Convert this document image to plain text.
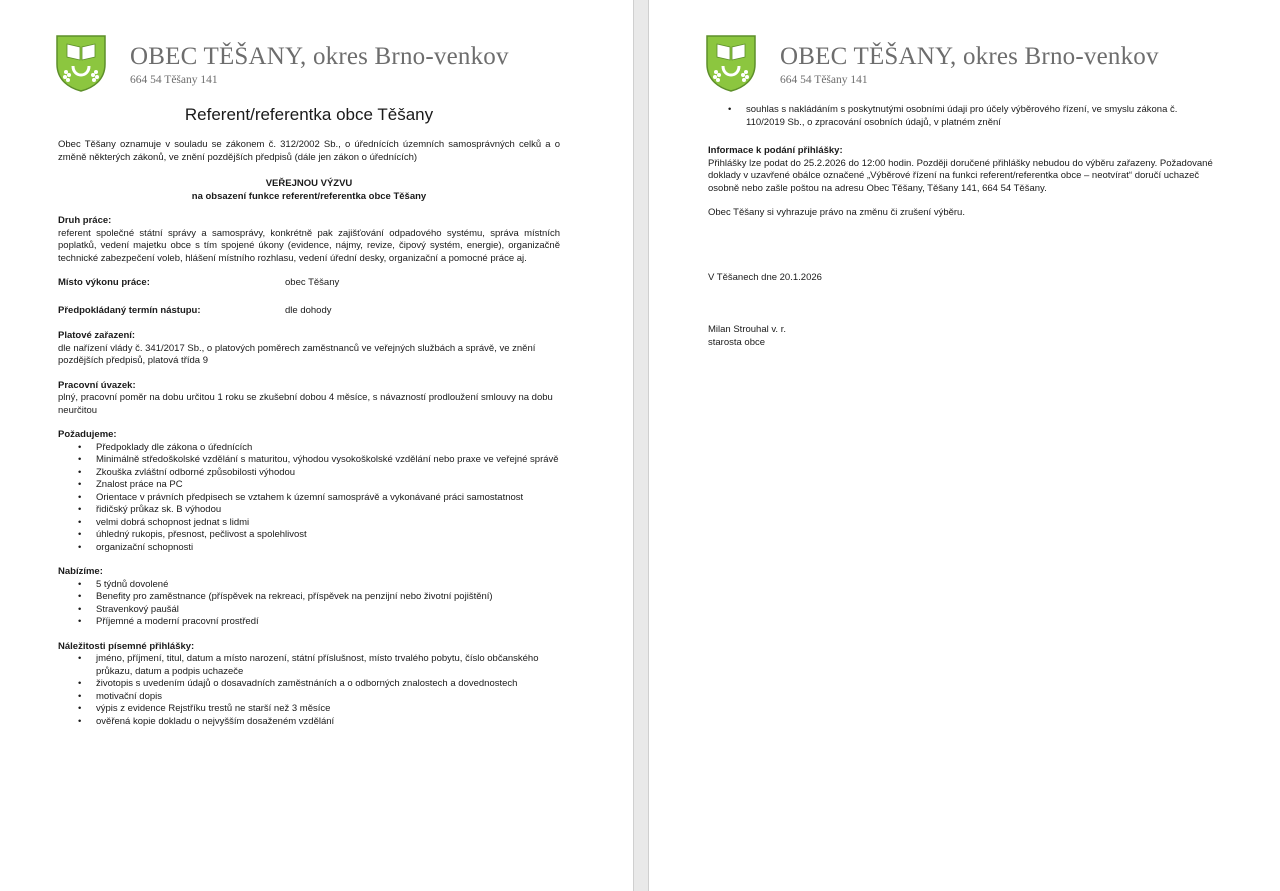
OBEC TĚŠANY, okres Brno-venkov
664 54 Těšany 141
Referent/referentka obce Těšany

Obec Těšany oznamuje v souladu se zákonem č. 312/2002 Sb., o úřednících územních samosprávných celků a o změně některých zákonů, ve znění pozdějších předpisů (dále jen zákon o úřednících)

VEŘEJNOU VÝZVU

na obsazení funkce referent/referentka obce Těšany

Druh práce:

referent společné státní správy a samosprávy, konkrétně pak zajišťování odpadového systému, správa místních poplatků, vedení majetku obce s tím spojené úkony (evidence, nájmy, revize, čipový systém, energie), organizačně technické zabezpečení voleb, hlášení místního rozhlasu, vedení úřední desky, organizační a pomocné práce aj.

Místo výkonu práce:	obec Těšany
Předpokládaný termín nástupu:	dle dohody

Platové zařazení:

dle nařízení vlády č. 341/2017 Sb., o platových poměrech zaměstnanců ve veřejných službách a správě, ve znění pozdějších předpisů, platová třída 9

Pracovní úvazek:

plný, pracovní poměr na dobu určitou 1 roku se zkušební dobou 4 měsíce, s návazností prodloužení smlouvy na dobu neurčitou

Požadujeme:

• Předpoklady dle zákona o úřednících
• Minimálně středoškolské vzdělání s maturitou, výhodou vysokoškolské vzdělání nebo praxe ve veřejné správě
• Zkouška zvláštní odborné způsobilosti výhodou
• Znalost práce na PC
• Orientace v právních předpisech se vztahem k územní samosprávě a vykonávané práci samostatnost
• řidičský průkaz sk. B výhodou
• velmi dobrá schopnost jednat s lidmi
• úhledný rukopis, přesnost, pečlivost a spolehlivost
• organizační schopnosti

Nabízíme:

• 5 týdnů dovolené
• Benefity pro zaměstnance (příspěvek na rekreaci, příspěvek na penzijní nebo životní pojištění)
• Stravenkový paušál
• Příjemné a moderní pracovní prostředí

Náležitosti písemné přihlášky:

• jméno, příjmení, titul, datum a místo narození, státní příslušnost, místo trvalého pobytu, číslo občanského průkazu, datum a podpis uchazeče
• životopis s uvedením údajů o dosavadních zaměstnáních a o odborných znalostech a dovednostech
• motivační dopis
• výpis z evidence Rejstříku trestů ne starší než 3 měsíce
• ověřená kopie dokladu o nejvyšším dosaženém vzdělání
OBEC TĚŠANY, okres Brno-venkov
664 54 Těšany 141
• souhlas s nakládáním s poskytnutými osobními údaji pro účely výběrového řízení, ve smyslu zákona č. 110/2019 Sb., o zpracování osobních údajů, v platném znění

Informace k podání přihlášky:

Přihlášky lze podat do 25.2.2026 do 12:00 hodin. Později doručené přihlášky nebudou do výběru zařazeny. Požadované doklady v uzavřené obálce označené „Výběrové řízení na funkci referent/referentka obce – neotvírat“ doručí uchazeč osobně nebo zašle poštou na adresu Obec Těšany, Těšany 141, 664 54 Těšany.

Obec Těšany si vyhrazuje právo na změnu či zrušení výběru.

V Těšanech dne 20.1.2026

Milan Strouhal v. r.

starosta obce
